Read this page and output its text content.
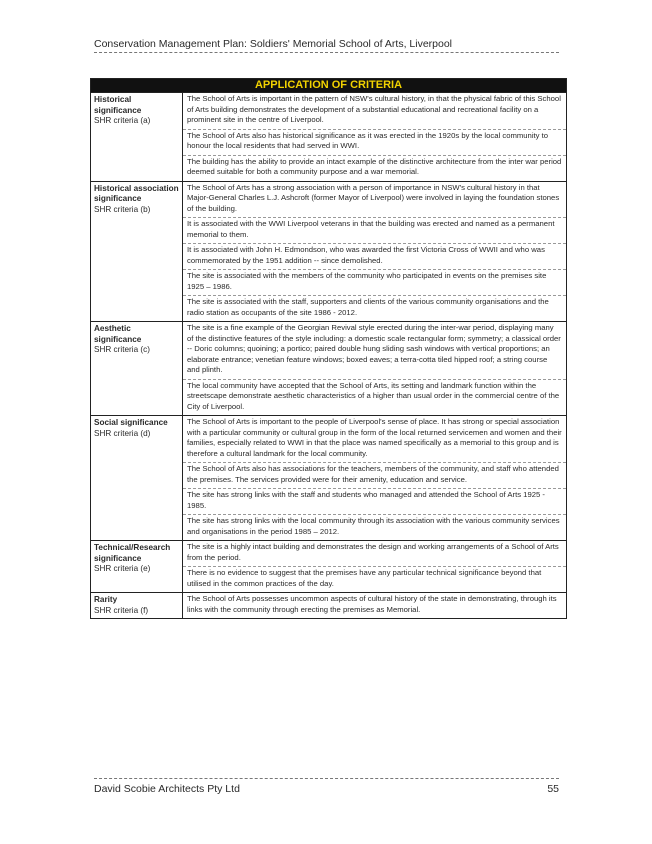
Conservation Management Plan: Soldiers' Memorial School of Arts, Liverpool
APPLICATION OF CRITERIA
Historical significance
SHR criteria (a)
The School of Arts is important in the pattern of NSW's cultural history, in that the physical fabric of this School of Arts building demonstrates the development of a substantial educational and recreational facility on a prominent site in the centre of Liverpool.
The School of Arts also has historical significance as it was erected in the 1920s by the local community to honour the local residents that had served in WWI.
The building has the ability to provide an intact example of the distinctive architecture from the inter war period deemed suitable for both a community purpose and a war memorial.
Historical association significance
SHR criteria (b)
The School of Arts has a strong association with a person of importance in NSW's cultural history in that Major-General Charles L.J. Ashcroft (former Mayor of Liverpool) were involved in laying the foundation stones of the building.
It is associated with the WWI Liverpool veterans in that the building was erected and named as a permanent memorial to them.
It is associated with John H. Edmondson, who was awarded the first Victoria Cross of WWII and who was commemorated by the 1951 addition -- since demolished.
The site is associated with the members of the community who participated in events on the premises site 1925 – 1986.
The site is associated with the staff, supporters and clients of the various community organisations and the radio station as occupants of the site 1986 - 2012.
Aesthetic significance
SHR criteria (c)
The site is a fine example of the Georgian Revival style erected during the inter-war period, displaying many of the distinctive features of the style including: a domestic scale rectangular form; symmetry; a classical order -- Doric columns; quoining; a portico; paired double hung sliding sash windows with vertical proportions; an elaborate entrance; venetian feature windows; boxed eaves; a terra-cotta tiled hipped roof; a string course and plinth.
The local community have accepted that the School of Arts, its setting and landmark function within the streetscape demonstrate aesthetic characteristics of a higher than usual order in the commercial centre of the City of Liverpool.
Social significance
SHR criteria (d)
The School of Arts is important to the people of Liverpool's sense of place. It has strong or special association with a particular community or cultural group in the form of the local returned servicemen and women and their families, especially related to WWI in that the place was named specifically as a memorial to this group and is therefore a cultural landmark for the local community.
The School of Arts also has associations for the teachers, members of the community, and staff who attended the premises. The services provided were for their amenity, education and service.
The site has strong links with the staff and students who managed and attended the School of Arts 1925 - 1985.
The site has strong links with the local community through its association with the various community services and organisations in the period 1985 – 2012.
Technical/Research significance
SHR criteria (e)
The site is a highly intact building and demonstrates the design and working arrangements of a School of Arts from the period.
There is no evidence to suggest that the premises have any particular technical significance beyond that utilised in the common practices of the day.
Rarity
SHR criteria (f)
The School of Arts possesses uncommon aspects of cultural history of the state in demonstrating, through its links with the community through erecting the premises as Memorial.
David Scobie Architects Pty Ltd	55
